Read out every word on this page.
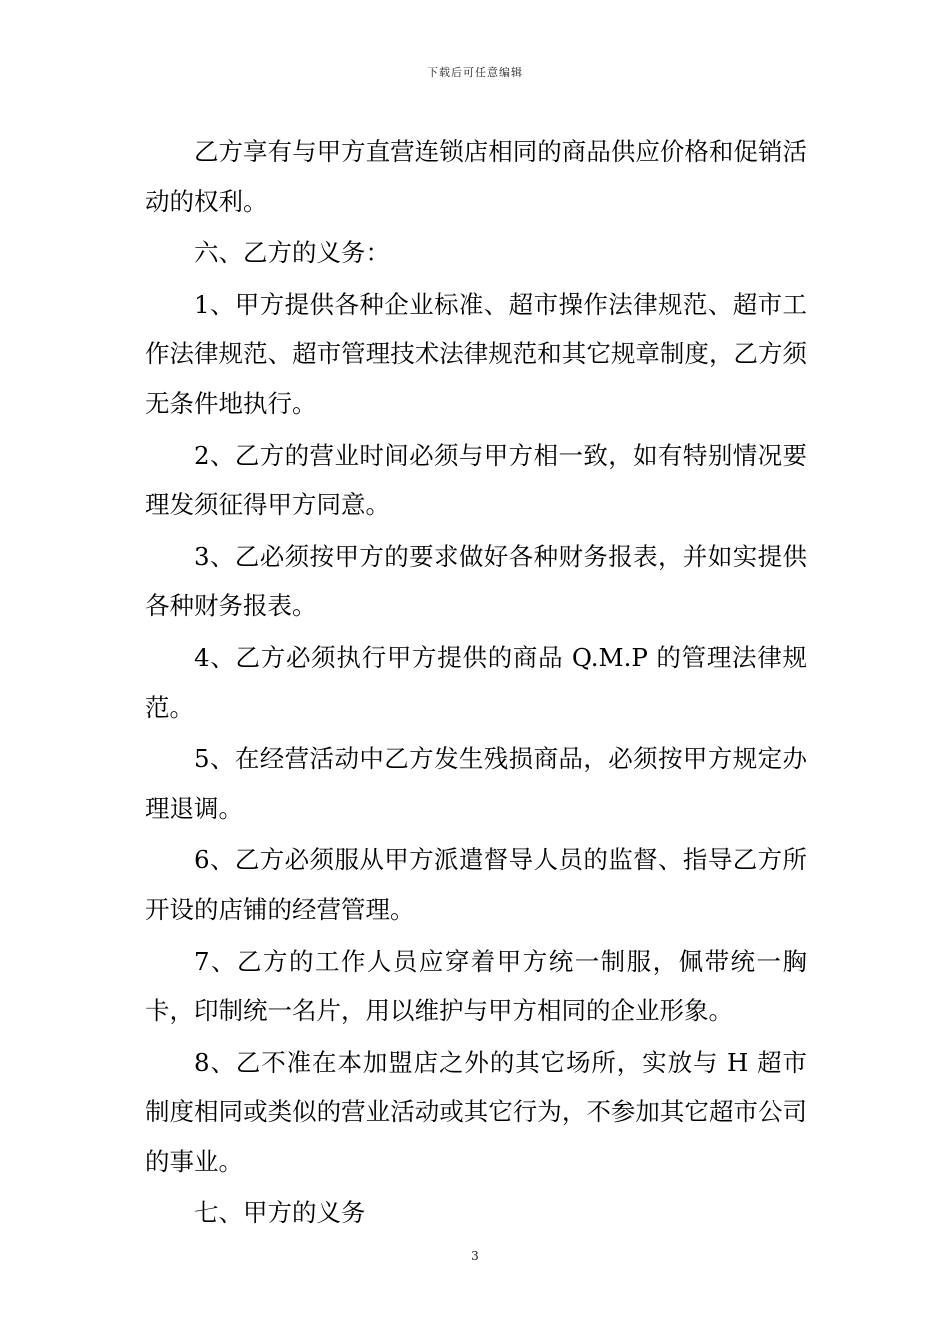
下载后可任意编辑

乙方享有与甲方直营连锁店相同的商品供应价格和促销活动的权利。

六、乙方的义务：

1、甲方提供各种企业标准、超市操作法律规范、超市工作法律规范、超市管理技术法律规范和其它规章制度，乙方须无条件地执行。

2、乙方的营业时间必须与甲方相一致，如有特别情况要理发须征得甲方同意。

3、乙必须按甲方的要求做好各种财务报表，并如实提供各种财务报表。

4、乙方必须执行甲方提供的商品 Q.M.P 的管理法律规范。

5、在经营活动中乙方发生残损商品，必须按甲方规定办理退调。

6、乙方必须服从甲方派遣督导人员的监督、指导乙方所开设的店铺的经营管理。

7、乙方的工作人员应穿着甲方统一制服，佩带统一胸卡，印制统一名片，用以维护与甲方相同的企业形象。

8、乙不准在本加盟店之外的其它场所，实放与 H 超市制度相同或类似的营业活动或其它行为，不参加其它超市公司的事业。

七、甲方的义务

3
